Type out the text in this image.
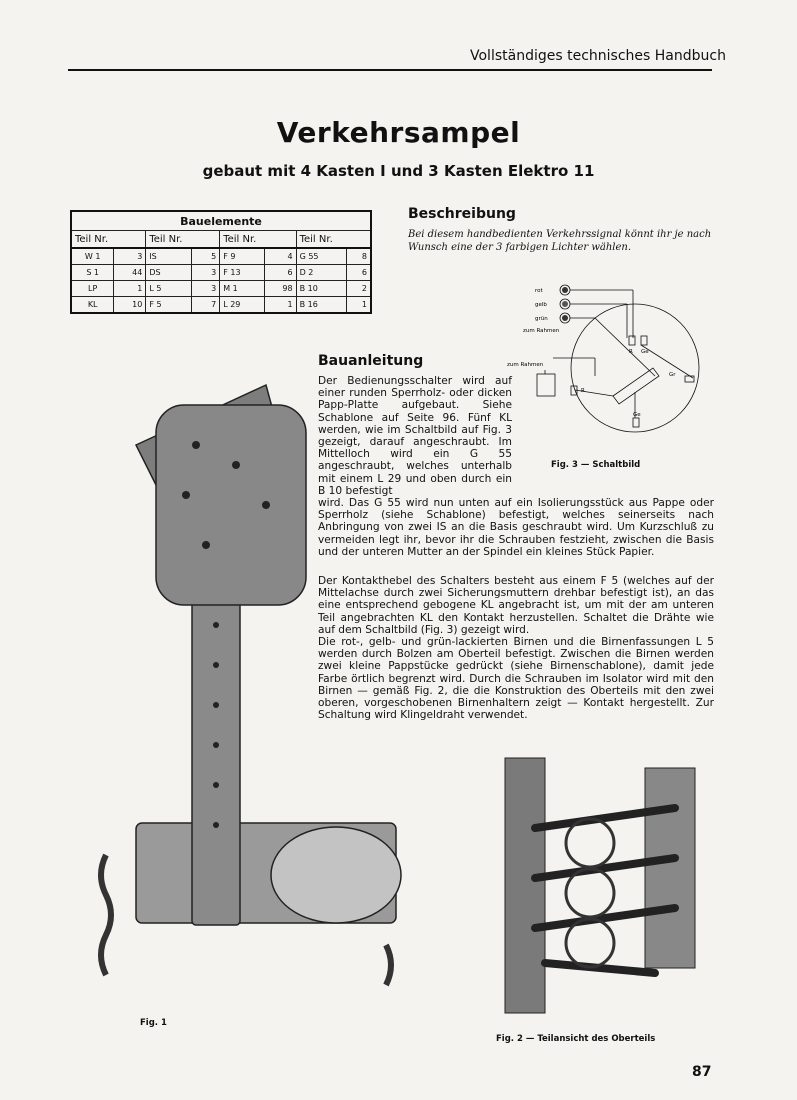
Vollständiges technisches Handbuch
Verkehrsampel
gebaut mit 4 Kasten I und 3 Kasten Elektro 11
Bauelemente							
Teil Nr.		Teil Nr.		Teil Nr.		Teil Nr.	
W 1	3	IS	5	F 9	4	G 55	8
S 1	44	DS	3	F 13	6	D 2	6
LP	1	L 5	3	M 1	98	B 10	2
KL	10	F 5	7	L 29	1	B 16	1
Beschreibung
Bei diesem handbedienten Verkehrssignal könnt ihr je nach Wunsch eine der 3 farbigen Lichter wählen.
rot
gelb
grün
zum Rahmen
zum Rahmen
R Ge
R
Gr
Ge
Fig. 3 — Schaltbild
Fig. 1
Fig. 2 — Teilansicht des Oberteils
Bauanleitung
Der Bedienungsschalter wird auf einer runden Sperrholz- oder dicken Papp-Platte aufgebaut. Siehe Schablone auf Seite 96. Fünf KL werden, wie im Schaltbild auf Fig. 3 gezeigt, darauf angeschraubt. Im Mittelloch wird ein G 55 angeschraubt, welches unterhalb mit einem L 29 und oben durch ein B 10 befestigt
wird. Das G 55 wird nun unten auf ein Isolierungsstück aus Pappe oder Sperrholz (siehe Schablone) befestigt, welches seinerseits nach Anbringung von zwei IS an die Basis geschraubt wird. Um Kurzschluß zu vermeiden legt ihr, bevor ihr die Schrauben festzieht, zwischen die Basis und der unteren Mutter an der Spindel ein kleines Stück Papier.
Der Kontakthebel des Schalters besteht aus einem F 5 (welches auf der Mittelachse durch zwei Sicherungsmuttern drehbar befestigt ist), an das eine entsprechend gebogene KL angebracht ist, um mit der am unteren Teil angebrachten KL den Kontakt herzustellen. Schaltet die Drähte wie auf dem Schaltbild (Fig. 3) gezeigt wird.
Die rot-, gelb- und grün-lackierten Birnen und die Birnenfassungen L 5 werden durch Bolzen am Oberteil befestigt. Zwischen die Birnen werden zwei kleine Pappstücke gedrückt (siehe Birnenschablone), damit jede Farbe örtlich begrenzt wird. Durch die Schrauben im Isolator wird mit den Birnen — gemäß Fig. 2, die die Konstruktion des Oberteils mit den zwei oberen, vorgeschobenen Birnenhaltern zeigt — Kontakt hergestellt. Zur Schaltung wird Klingeldraht verwendet.
87
